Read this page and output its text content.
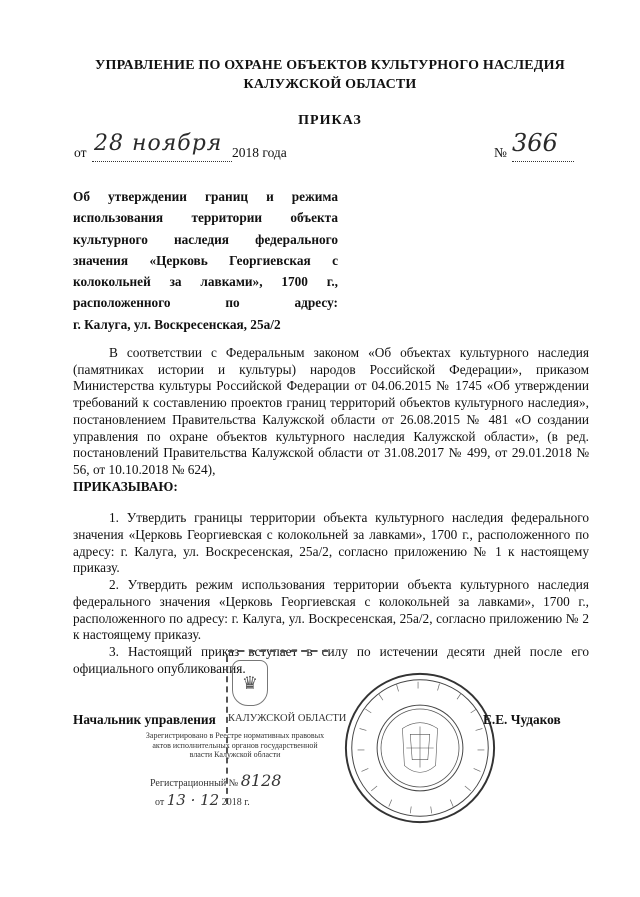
УПРАВЛЕНИЕ ПО ОХРАНЕ ОБЪЕКТОВ КУЛЬТУРНОГО НАСЛЕДИЯ
КАЛУЖСКОЙ ОБЛАСТИ
ПРИКАЗ
от 28 ноября 2018 года	№ 366
Об утверждении границ и режима
использования территории объекта
культурного наследия федерального
значения «Церковь Георгиевская с
колокольней за лавками», 1700 г.,
расположенного по адресу:
г. Калуга, ул. Воскресенская, 25а/2

В соответствии с Федеральным законом «Об объектах культурного наследия (памятниках истории и культуры) народов Российской Федерации», приказом Министерства культуры Российской Федерации от 04.06.2015 № 1745 «Об утверждении требований к составлению проектов границ территорий объектов культурного наследия», постановлением Правительства Калужской области от 26.08.2015 № 481 «О создании управления по охране объектов культурного наследия Калужской области», (в ред. постановлений Правительства Калужской области от 31.08.2017 № 499, от 29.01.2018 № 56, от 10.10.2018 № 624),

ПРИКАЗЫВАЮ:

1. Утвердить границы территории объекта культурного наследия федерального значения «Церковь Георгиевская с колокольней за лавками», 1700 г., расположенного по адресу: г. Калуга, ул. Воскресенская, 25а/2, согласно приложению № 1 к настоящему приказу.

2. Утвердить режим использования территории объекта культурного наследия федерального значения «Церковь Георгиевская с колокольней за лавками», 1700 г., расположенного по адресу: г. Калуга, ул. Воскресенская, 25а/2, согласно приложению № 2 к настоящему приказу.

3. Настоящий приказ вступает в силу по истечении десяти дней после его официального опубликования.

♛
КАЛУЖСКОЙ ОБЛАСТИ
Зарегистрировано в Реестре нормативных правовых актов исполнительных органов государственной власти Калужской области
Регистрационный № 8128
от 13 · 12 2018 г.
Начальник управления	Е.Е. Чудаков
